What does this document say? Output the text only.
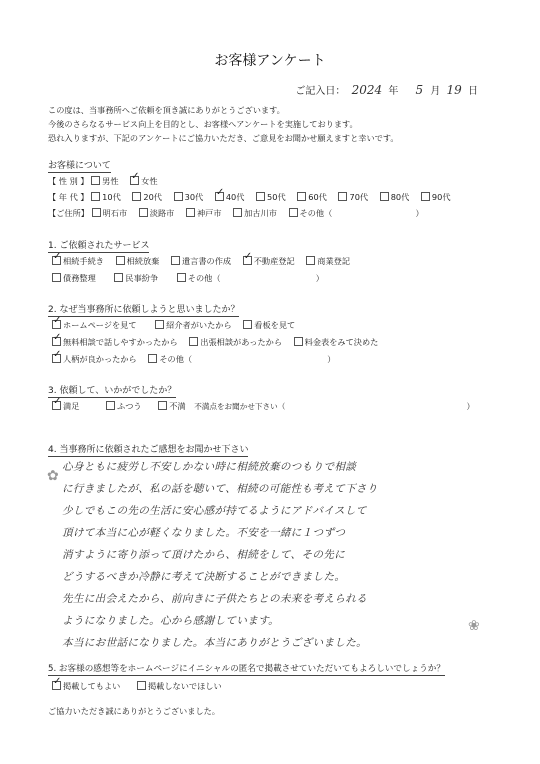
お客様アンケート
ご記入日： 2024 年 5 月 19 日
この度は、当事務所へご依頼を頂き誠にありがとうございます。
今後のさらなるサービス向上を目的とし、お客様へアンケートを実施しております。
恐れ入りますが、下記のアンケートにご協力いただき、ご意見をお聞かせ願えますと幸いです。
お客様について
【 性 別 】 男性 ✓	女性
【 年 代 】 10代	20代	30代 ✓	40代	50代	60代	70代	80代	90代
【ご住所】 明石市	淡路市	神戸市	加古川市	その他（	）
1. ご依頼されたサービス
✓相続手続き	相続放棄	遺言書の作成 ✓	不動産登記	商業登記
債務整理	民事紛争	その他（	）
2. なぜ当事務所に依頼しようと思いましたか？
✓ホームページを見て	紹介者がいたから	看板を見て
✓無料相談で話しやすかったから	出張相談があったから	料金表をみて決めた
✓人柄が良かったから	その他（	）
3. 依頼して、いかがでしたか？
✓満足	ふつう	不満 不満点をお聞かせ下さい（	）
4. 当事務所に依頼されたご感想をお聞かせ下さい
✿
❀
心身ともに疲労し不安しかない時に相続放棄のつもりで相談
に行きましたが、私の話を聴いて、相続の可能性も考えて下さり
少しでもこの先の生活に安心感が持てるようにアドバイスして
頂けて本当に心が軽くなりました。不安を一緒に１つずつ
消すように寄り添って頂けたから、相続をして、その先に
どうするべきか冷静に考えて決断することができました。
先生に出会えたから、前向きに子供たちとの未来を考えられる
ようになりました。心から感謝しています。
本当にお世話になりました。本当にありがとうございました。
5. お客様の感想等をホームページにイニシャルの匿名で掲載させていただいてもよろしいでしょうか？
✓掲載してもよい	掲載しないでほしい
ご協力いただき誠にありがとうございました。
